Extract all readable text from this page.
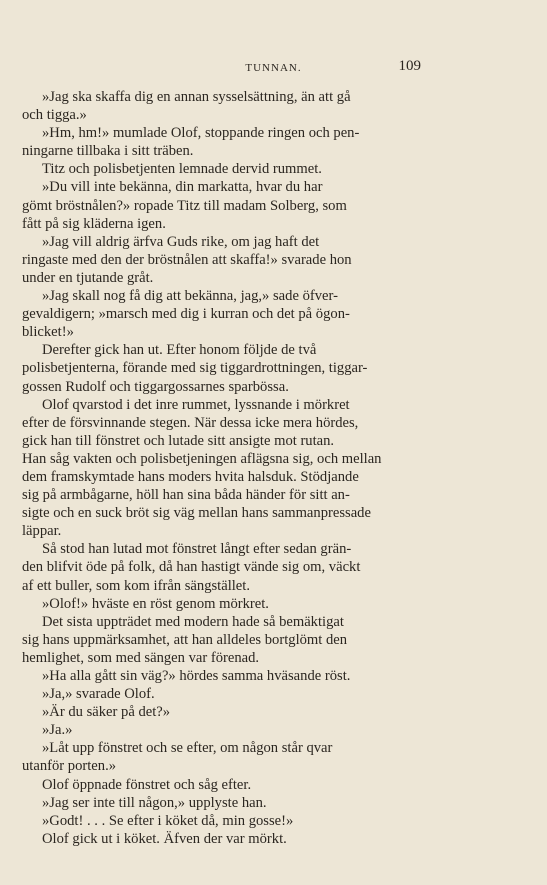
TUNNAN.	109
»Jag ska skaffa dig en annan sysselsättning, än att gå
och tigga.»
»Hm, hm!» mumlade Olof, stoppande ringen och pen-
ningarne tillbaka i sitt träben.
Titz och polisbetjenten lemnade dervid rummet.
»Du vill inte bekänna, din markatta, hvar du har
gömt bröstnålen?» ropade Titz till madam Solberg, som
fått på sig kläderna igen.
»Jag vill aldrig ärfva Guds rike, om jag haft det
ringaste med den der bröstnålen att skaffa!» svarade hon
under en tjutande gråt.
»Jag skall nog få dig att bekänna, jag,» sade öfver-
gevaldigern; »marsch med dig i kurran och det på ögon-
blicket!»
Derefter gick han ut. Efter honom följde de två
polisbetjenterna, förande med sig tiggardrottningen, tiggar-
gossen Rudolf och tiggargossarnes sparbössa.
Olof qvarstod i det inre rummet, lyssnande i mörkret
efter de försvinnande stegen. När dessa icke mera hördes,
gick han till fönstret och lutade sitt ansigte mot rutan.
Han såg vakten och polisbetjeningen aflägsna sig, och mellan
dem framskymtade hans moders hvita halsduk. Stödjande
sig på armbågarne, höll han sina båda händer för sitt an-
sigte och en suck bröt sig väg mellan hans sammanpressade
läppar.
Så stod han lutad mot fönstret långt efter sedan grän-
den blifvit öde på folk, då han hastigt vände sig om, väckt
af ett buller, som kom ifrån sängstället.
»Olof!» hväste en röst genom mörkret.
Det sista uppträdet med modern hade så bemäktigat
sig hans uppmärksamhet, att han alldeles bortglömt den
hemlighet, som med sängen var förenad.
»Ha alla gått sin väg?» hördes samma hväsande röst.
»Ja,» svarade Olof.
»Är du säker på det?»
»Ja.»
»Låt upp fönstret och se efter, om någon står qvar
utanför porten.»
Olof öppnade fönstret och såg efter.
»Jag ser inte till någon,» upplyste han.
»Godt! . . . Se efter i köket då, min gosse!»
Olof gick ut i köket. Äfven der var mörkt.
